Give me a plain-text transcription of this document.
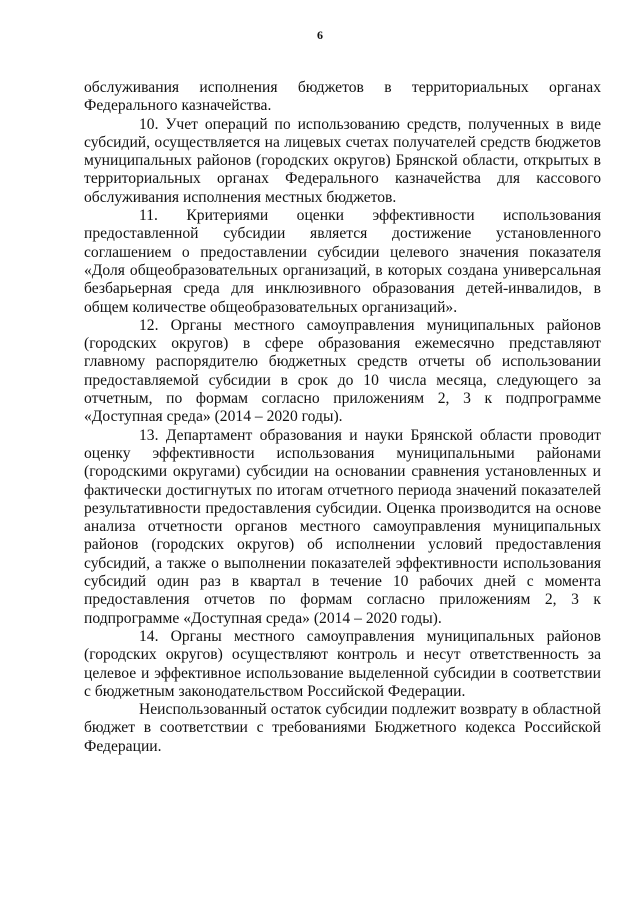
6

обслуживания исполнения бюджетов в территориальных органах Федерального казначейства.

10. Учет операций по использованию средств, полученных в виде субсидий, осуществляется на лицевых счетах получателей средств бюджетов муниципальных районов (городских округов) Брянской области, открытых в территориальных органах Федерального казначейства для кассового обслуживания исполнения местных бюджетов.

11. Критериями оценки эффективности использования предоставленной субсидии является достижение установленного соглашением о предоставлении субсидии целевого значения показателя «Доля общеобразовательных организаций, в которых создана универсальная безбарьерная среда для инклюзивного образования детей-инвалидов, в общем количестве общеобразовательных организаций».

12. Органы местного самоуправления муниципальных районов (городских округов) в сфере образования ежемесячно представляют главному распорядителю бюджетных средств отчеты об использовании предоставляемой субсидии в срок до 10 числа месяца, следующего за отчетным, по формам согласно приложениям 2, 3 к подпрограмме «Доступная среда» (2014 – 2020 годы).

13. Департамент образования и науки Брянской области проводит оценку эффективности использования муниципальными районами (городскими округами) субсидии на основании сравнения установленных и фактически достигнутых по итогам отчетного периода значений показателей результативности предоставления субсидии. Оценка производится на основе анализа отчетности органов местного самоуправления муниципальных районов (городских округов) об исполнении условий предоставления субсидий, а также о выполнении показателей эффективности использования субсидий один раз в квартал в течение 10 рабочих дней с момента предоставления отчетов по формам согласно приложениям 2, 3 к подпрограмме «Доступная среда» (2014 – 2020 годы).

14. Органы местного самоуправления муниципальных районов (городских округов) осуществляют контроль и несут ответственность за целевое и эффективное использование выделенной субсидии в соответствии с бюджетным законодательством Российской Федерации.

Неиспользованный остаток субсидии подлежит возврату в областной бюджет в соответствии с требованиями Бюджетного кодекса Российской Федерации.
